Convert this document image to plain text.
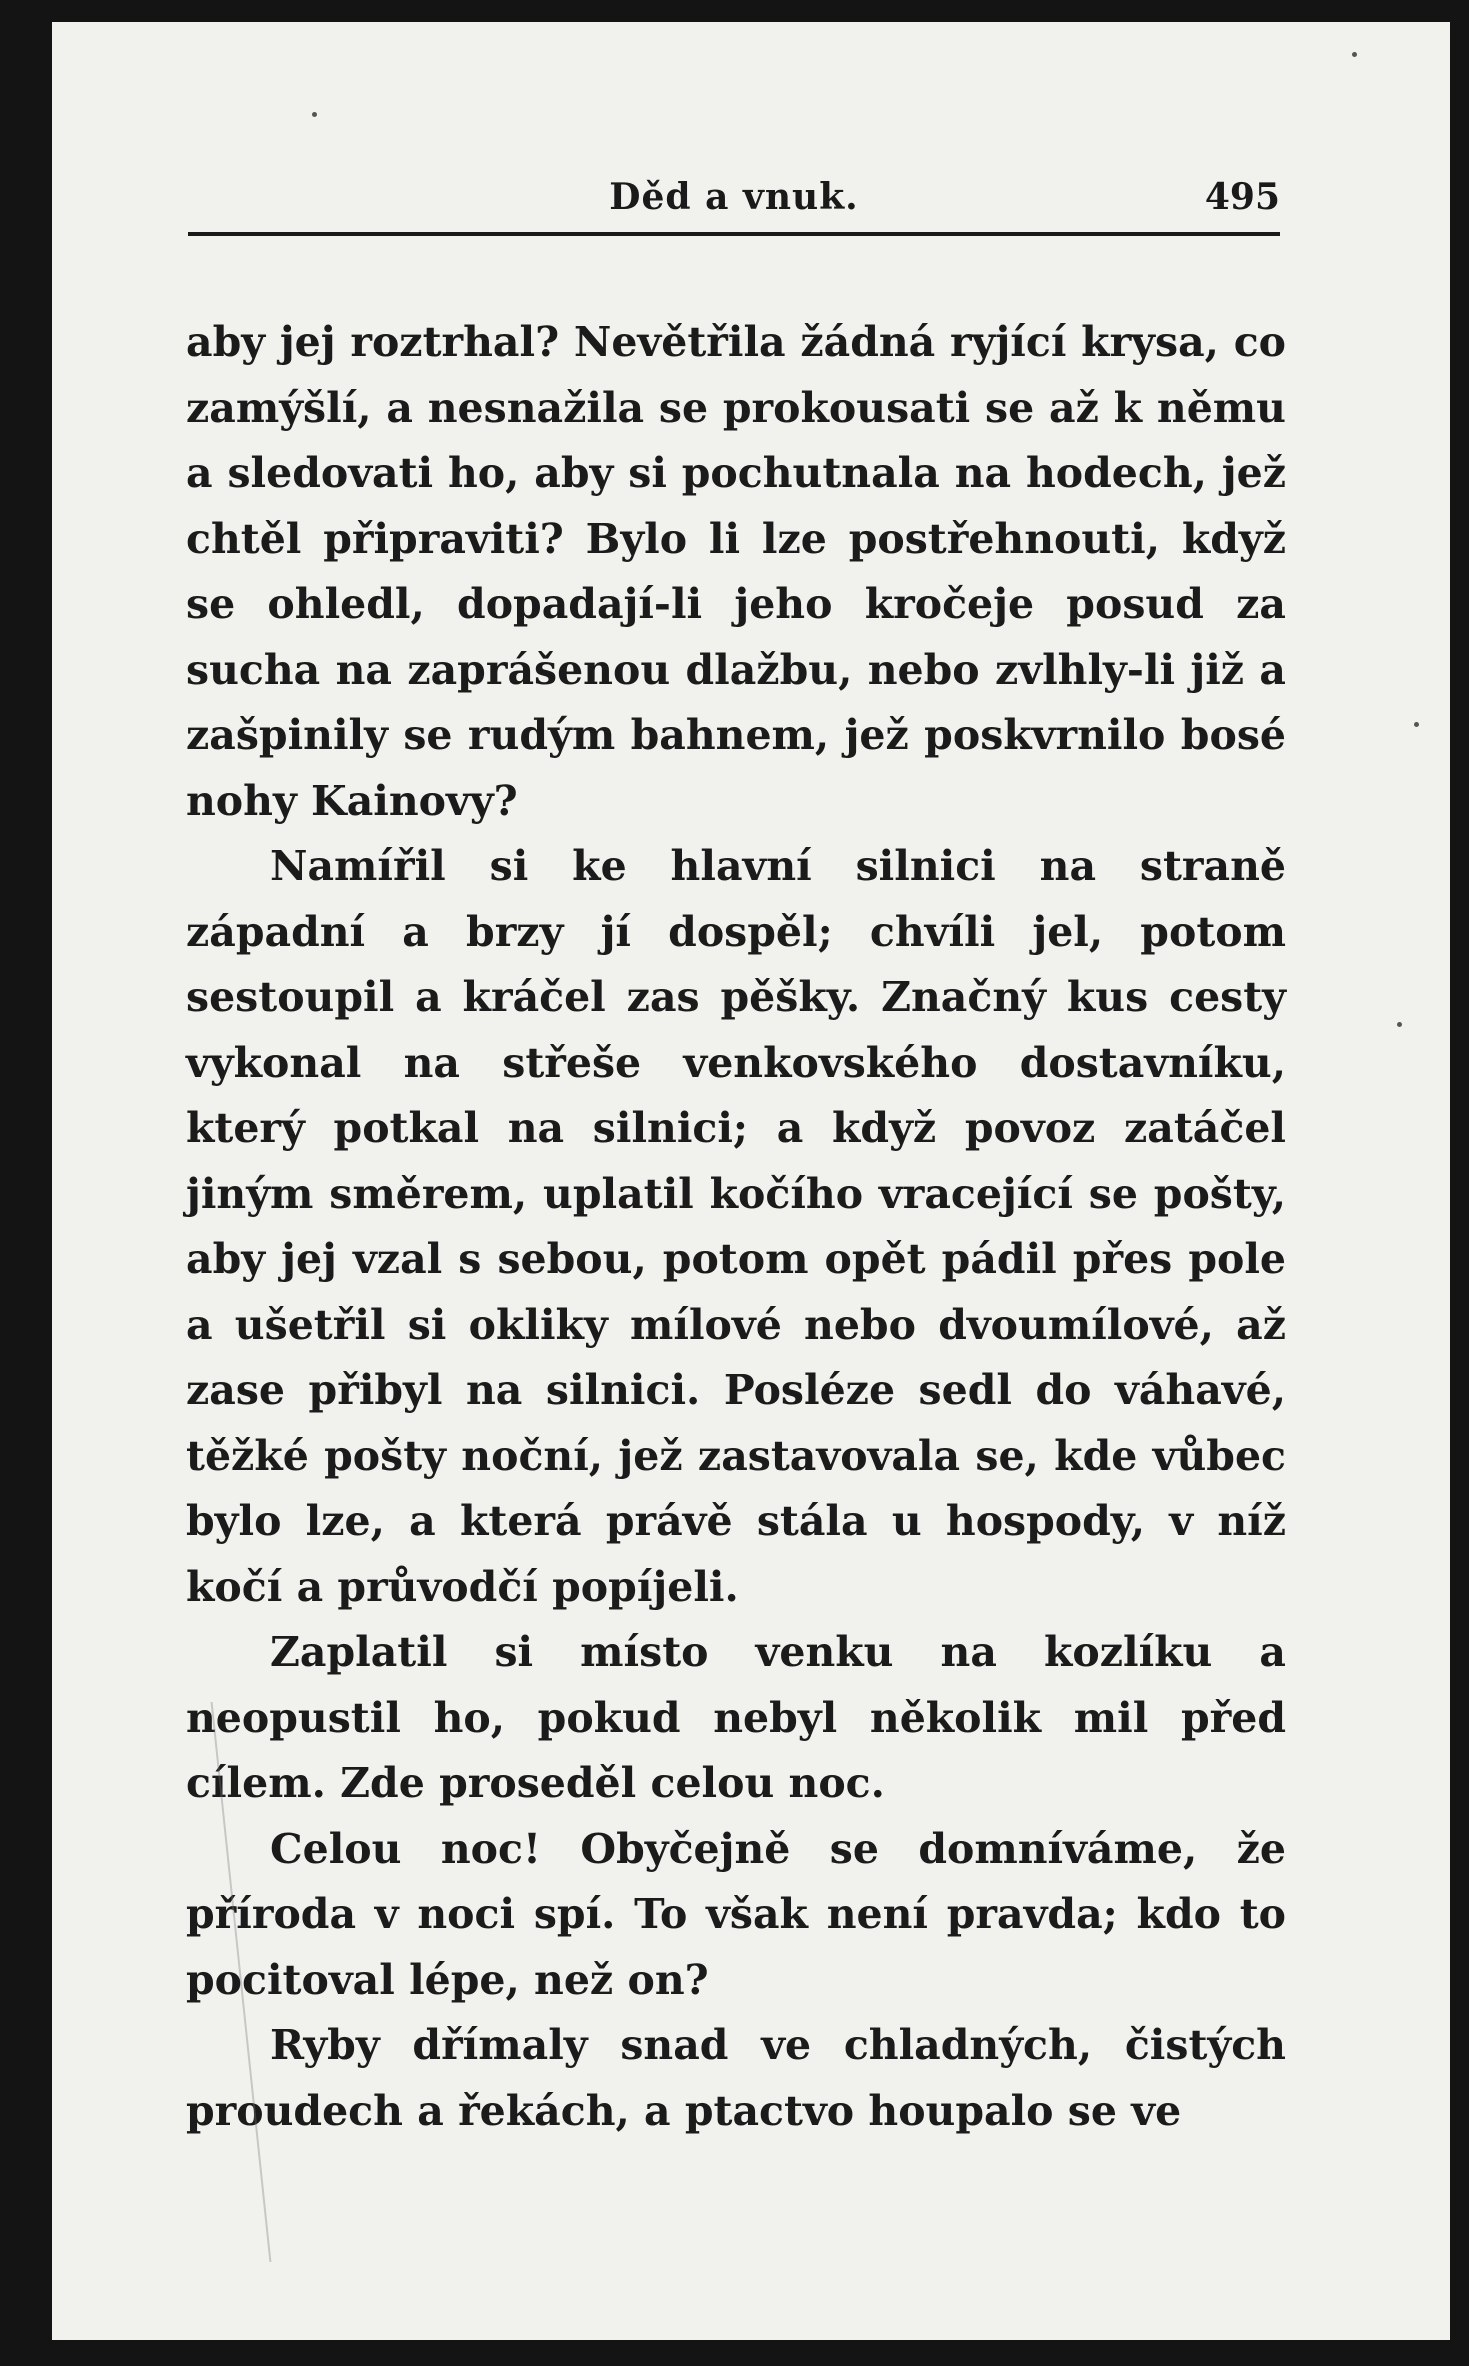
Děd a vnuk.	495

aby jej roztrhal? Nevětřila žádná ryjící krysa, co zamýšlí, a nesnažila se prokousati se až k němu a sledovati ho, aby si pochutnala na hodech, jež chtěl připraviti? Bylo li lze postřehnouti, když se ohledl, dopadají-li jeho kročeje posud za sucha na zaprášenou dlažbu, nebo zvlhly-li již a zašpinily se rudým bahnem, jež poskvrnilo bosé nohy Kainovy?

Namířil si ke hlavní silnici na straně západní a brzy jí dospěl; chvíli jel, potom sestoupil a kráčel zas pěšky. Značný kus cesty vykonal na střeše venkovského dostavníku, který potkal na silnici; a když povoz zatáčel jiným směrem, uplatil kočího vracející se pošty, aby jej vzal s sebou, potom opět pádil přes pole a ušetřil si okliky mílové nebo dvoumílové, až zase přibyl na silnici. Posléze sedl do váhavé, těžké pošty noční, jež zastavovala se, kde vůbec bylo lze, a která právě stála u hospody, v níž kočí a průvodčí popíjeli.

Zaplatil si místo venku na kozlíku a neopustil ho, pokud nebyl několik mil před cílem. Zde proseděl celou noc.

Celou noc! Obyčejně se domníváme, že příroda v noci spí. To však není pravda; kdo to pocitoval lépe, než on?

Ryby dřímaly snad ve chladných, čistých proudech a řekách, a ptactvo houpalo se ve
